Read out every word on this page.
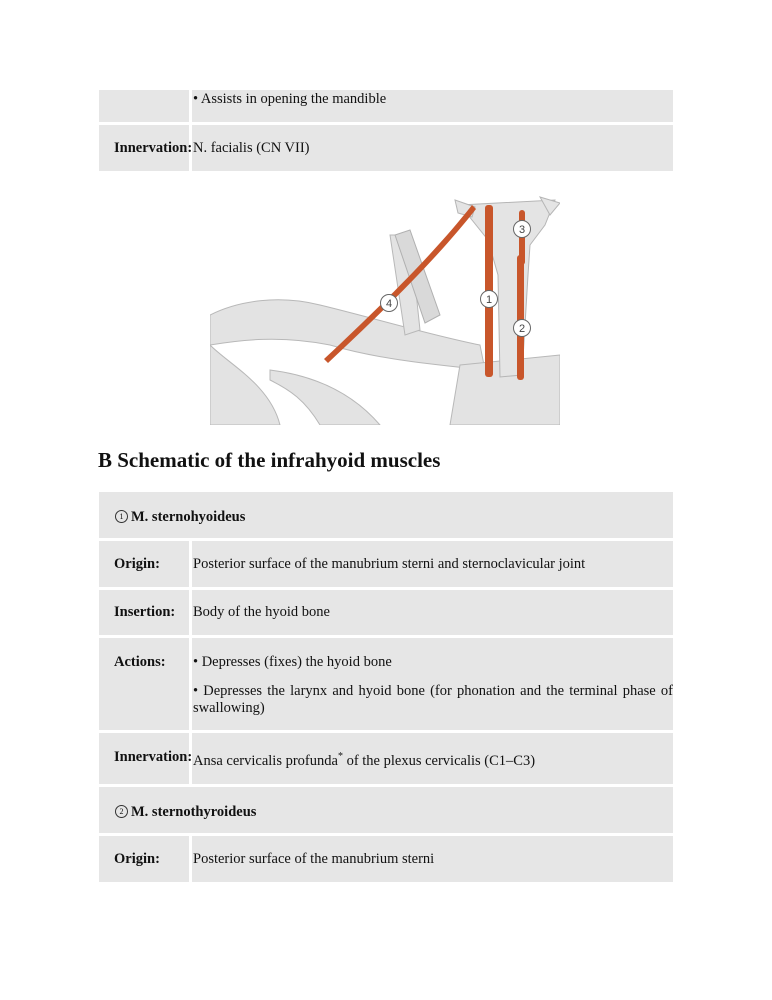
• Assists in opening the mandible
Innervation: N. facialis (CN VII)
1
2
3
4
B Schematic of the infrahyoid muscles
1 M. sternohyoideus
Origin:	Posterior surface of the manubrium sterni and sternoclavicular joint
Insertion:	Body of the hyoid bone
Actions:	• Depresses (fixes) the hyoid bone
• Depresses the larynx and hyoid bone (for phonation and the terminal phase of swallowing)
Innervation: Ansa cervicalis profunda* of the plexus cervicalis (C1–C3)
2 M. sternothyroideus
Origin:	Posterior surface of the manubrium sterni
